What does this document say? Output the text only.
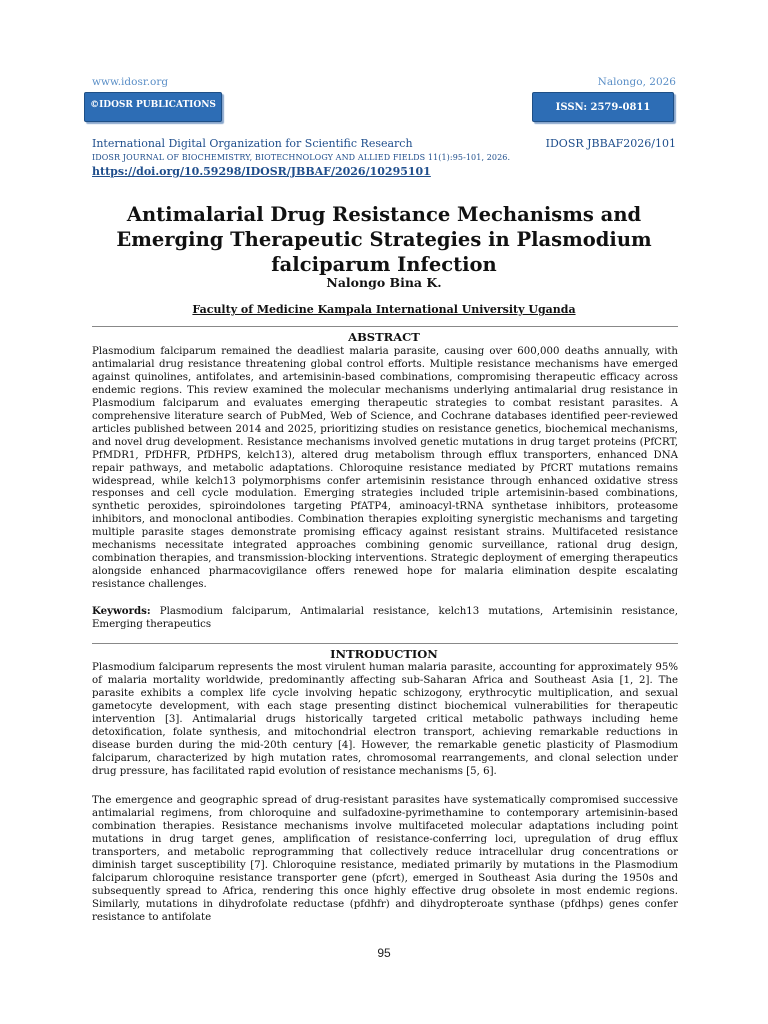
www.idosr.org	Nalongo, 2026
©IDOSR PUBLICATIONS	ISSN: 2579-0811
International Digital Organization for Scientific Research	IDOSR JBBAF2026/101
IDOSR JOURNAL OF BIOCHEMISTRY, BIOTECHNOLOGY AND ALLIED FIELDS 11(1):95-101, 2026.
https://doi.org/10.59298/IDOSR/JBBAF/2026/10295101
Antimalarial Drug Resistance Mechanisms and Emerging Therapeutic Strategies in Plasmodium falciparum Infection
Nalongo Bina K.
Faculty of Medicine Kampala International University Uganda
ABSTRACT
Plasmodium falciparum remained the deadliest malaria parasite, causing over 600,000 deaths annually, with antimalarial drug resistance threatening global control efforts. Multiple resistance mechanisms have emerged against quinolines, antifolates, and artemisinin-based combinations, compromising therapeutic efficacy across endemic regions. This review examined the molecular mechanisms underlying antimalarial drug resistance in Plasmodium falciparum and evaluates emerging therapeutic strategies to combat resistant parasites. A comprehensive literature search of PubMed, Web of Science, and Cochrane databases identified peer-reviewed articles published between 2014 and 2025, prioritizing studies on resistance genetics, biochemical mechanisms, and novel drug development. Resistance mechanisms involved genetic mutations in drug target proteins (PfCRT, PfMDR1, PfDHFR, PfDHPS, kelch13), altered drug metabolism through efflux transporters, enhanced DNA repair pathways, and metabolic adaptations. Chloroquine resistance mediated by PfCRT mutations remains widespread, while kelch13 polymorphisms confer artemisinin resistance through enhanced oxidative stress responses and cell cycle modulation. Emerging strategies included triple artemisinin-based combinations, synthetic peroxides, spiroindolones targeting PfATP4, aminoacyl-tRNA synthetase inhibitors, proteasome inhibitors, and monoclonal antibodies. Combination therapies exploiting synergistic mechanisms and targeting multiple parasite stages demonstrate promising efficacy against resistant strains. Multifaceted resistance mechanisms necessitate integrated approaches combining genomic surveillance, rational drug design, combination therapies, and transmission-blocking interventions. Strategic deployment of emerging therapeutics alongside enhanced pharmacovigilance offers renewed hope for malaria elimination despite escalating resistance challenges.
Keywords: Plasmodium falciparum, Antimalarial resistance, kelch13 mutations, Artemisinin resistance, Emerging therapeutics
INTRODUCTION
Plasmodium falciparum represents the most virulent human malaria parasite, accounting for approximately 95% of malaria mortality worldwide, predominantly affecting sub-Saharan Africa and Southeast Asia [1, 2]. The parasite exhibits a complex life cycle involving hepatic schizogony, erythrocytic multiplication, and sexual gametocyte development, with each stage presenting distinct biochemical vulnerabilities for therapeutic intervention [3]. Antimalarial drugs historically targeted critical metabolic pathways including heme detoxification, folate synthesis, and mitochondrial electron transport, achieving remarkable reductions in disease burden during the mid-20th century [4]. However, the remarkable genetic plasticity of Plasmodium falciparum, characterized by high mutation rates, chromosomal rearrangements, and clonal selection under drug pressure, has facilitated rapid evolution of resistance mechanisms [5, 6].
The emergence and geographic spread of drug-resistant parasites have systematically compromised successive antimalarial regimens, from chloroquine and sulfadoxine-pyrimethamine to contemporary artemisinin-based combination therapies. Resistance mechanisms involve multifaceted molecular adaptations including point mutations in drug target genes, amplification of resistance-conferring loci, upregulation of drug efflux transporters, and metabolic reprogramming that collectively reduce intracellular drug concentrations or diminish target susceptibility [7]. Chloroquine resistance, mediated primarily by mutations in the Plasmodium falciparum chloroquine resistance transporter gene (pfcrt), emerged in Southeast Asia during the 1950s and subsequently spread to Africa, rendering this once highly effective drug obsolete in most endemic regions. Similarly, mutations in dihydrofolate reductase (pfdhfr) and dihydropteroate synthase (pfdhps) genes confer resistance to antifolate
95
